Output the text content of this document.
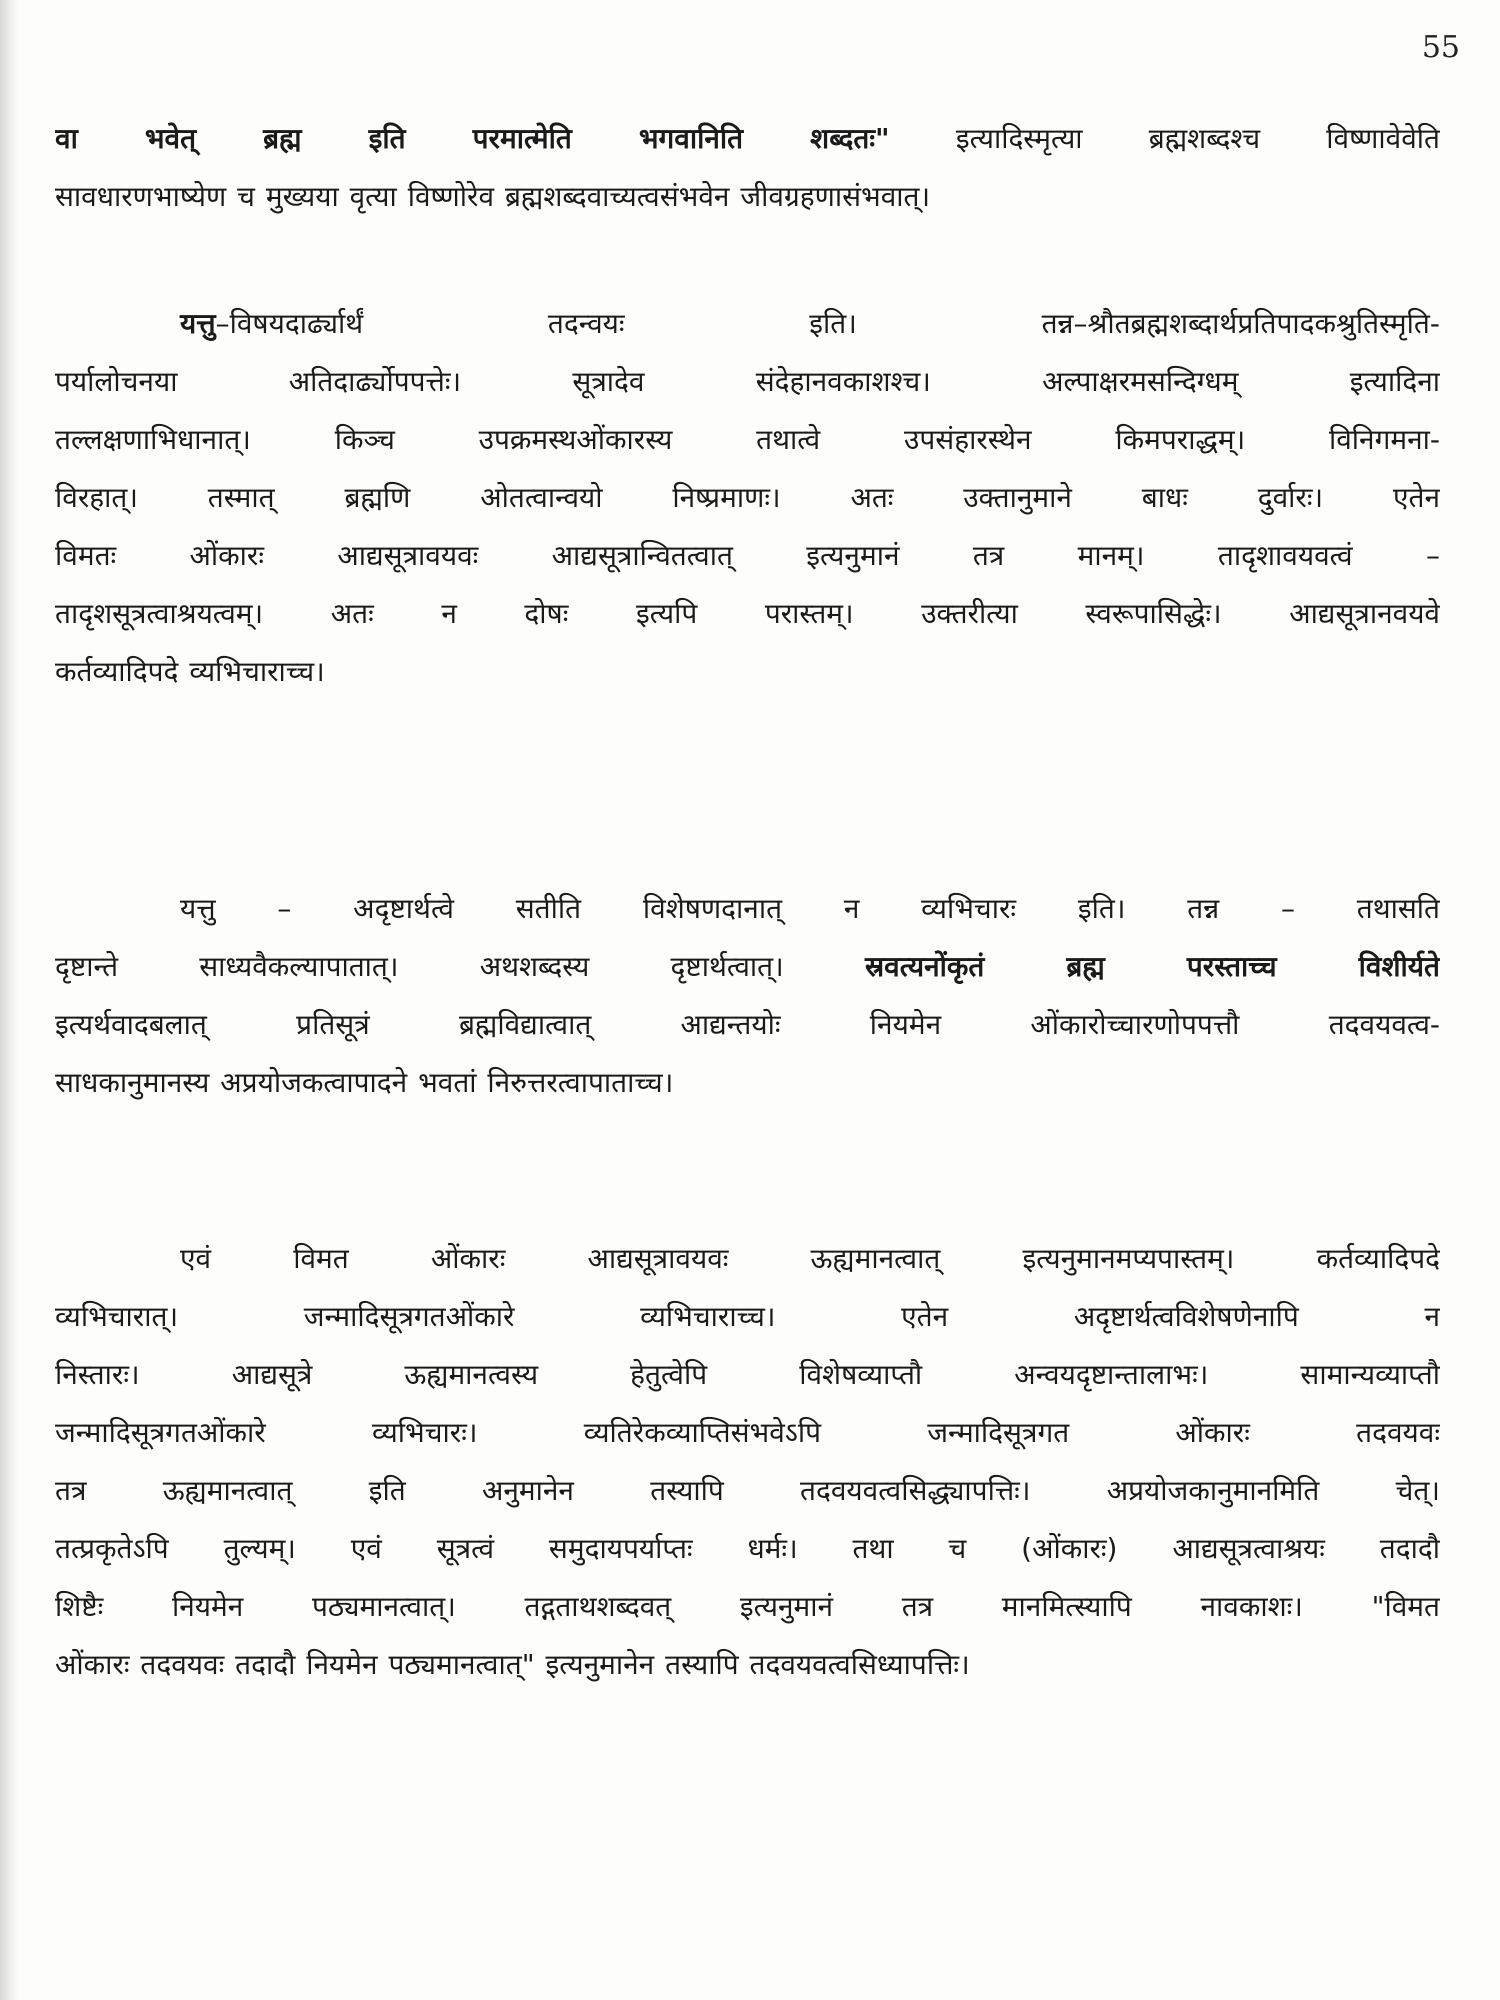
55
वा भवेत् ब्रह्म इति परमात्मेति भगवानिति शब्दतः" इत्यादिस्मृत्या ब्रह्मशब्दश्च विष्णावेवेति
सावधारणभाष्येण च मुख्यया वृत्या विष्णोरेव ब्रह्मशब्दवाच्यत्वसंभवेन जीवग्रहणासंभवात्।
यत्तु–विषयदार्ढ्यार्थं तदन्वयः इति। तन्न–श्रौतब्रह्मशब्दार्थप्रतिपादकश्रुतिस्मृति-
पर्यालोचनया अतिदार्ढ्योपपत्तेः। सूत्रादेव संदेहानवकाशश्च। अल्पाक्षरमसन्दिग्धम् इत्यादिना
तल्लक्षणाभिधानात्। किञ्च उपक्रमस्थओंकारस्य तथात्वे उपसंहारस्थेन किमपराद्धम्। विनिगमना-
विरहात्। तस्मात् ब्रह्मणि ओतत्वान्वयो निष्प्रमाणः। अतः उक्तानुमाने बाधः दुर्वारः। एतेन
विमतः ओंकारः आद्यसूत्रावयवः आद्यसूत्रान्वितत्वात् इत्यनुमानं तत्र मानम्। तादृशावयवत्वं –
तादृशसूत्रत्वाश्रयत्वम्। अतः न दोषः इत्यपि परास्तम्। उक्तरीत्या स्वरूपासिद्धेः। आद्यसूत्रानवयवे
कर्तव्यादिपदे व्यभिचाराच्च।
यत्तु – अदृष्टार्थत्वे सतीति विशेषणदानात् न व्यभिचारः इति। तन्न – तथासति
दृष्टान्ते साध्यवैकल्यापातात्। अथशब्दस्य दृष्टार्थत्वात्। स्रवत्यनोंकृतं ब्रह्म परस्ताच्च विशीर्यते
इत्यर्थवादबलात् प्रतिसूत्रं ब्रह्मविद्यात्वात् आद्यन्तयोः नियमेन ओंकारोच्चारणोपपत्तौ तदवयवत्व-
साधकानुमानस्य अप्रयोजकत्वापादने भवतां निरुत्तरत्वापाताच्च।
एवं विमत ओंकारः आद्यसूत्रावयवः ऊह्यमानत्वात् इत्यनुमानमप्यपास्तम्। कर्तव्यादिपदे
व्यभिचारात्। जन्मादिसूत्रगतओंकारे व्यभिचाराच्च। एतेन अदृष्टार्थत्वविशेषणेनापि न
निस्तारः। आद्यसूत्रे ऊह्यमानत्वस्य हेतुत्वेपि विशेषव्याप्तौ अन्वयदृष्टान्तालाभः। सामान्यव्याप्तौ
जन्मादिसूत्रगतओंकारे व्यभिचारः। व्यतिरेकव्याप्तिसंभवेऽपि जन्मादिसूत्रगत ओंकारः तदवयवः
तत्र ऊह्यमानत्वात् इति अनुमानेन तस्यापि तदवयवत्वसिद्ध्यापत्तिः। अप्रयोजकानुमानमिति चेत्।
तत्प्रकृतेऽपि तुल्यम्। एवं सूत्रत्वं समुदायपर्याप्तः धर्मः। तथा च (ओंकारः) आद्यसूत्रत्वाश्रयः तदादौ
शिष्टैः नियमेन पठ्यमानत्वात्। तद्गताथशब्दवत् इत्यनुमानं तत्र मानमित्स्यापि नावकाशः। "विमत
ओंकारः तदवयवः तदादौ नियमेन पठ्यमानत्वात्" इत्यनुमानेन तस्यापि तदवयवत्वसिध्यापत्तिः।
